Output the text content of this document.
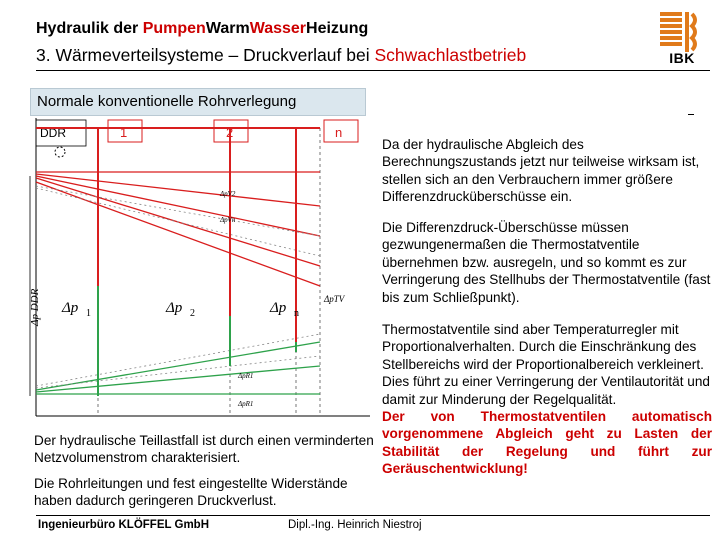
Hydraulik der PumpenWarmWasserHeizung
3. Wärmeverteilsysteme – Druckverlauf bei Schwachlastbetrieb	IBK
Normale konventionelle Rohrverlegung
DDR	1	2	n
Δp DDR Δp 1	Δp 2	Δp n
ΔpTV
ΔpV2
ΔpVn
ΔpR1
ΔpR1
Da der hydraulische Abgleich des Berechnungszustands jetzt nur teilweise wirksam ist, stellen sich an den Verbrauchern immer größere Differenzdrucküberschüsse ein.
Die Differenzdruck-Überschüsse müssen gezwungenermaßen die Thermostatventile übernehmen bzw. ausregeln, und so kommt es zur Verringerung des Stellhubs der Thermostatventile (fast bis zum Schließpunkt).
Thermostatventile sind aber Temperaturregler mit Proportionalverhalten. Durch die Einschränkung des Stellbereichs wird der Proportionalbereich verkleinert. Dies führt zu einer Verringerung der Ventilautorität und damit zur Minderung der Regelqualität.
Der von Thermostatventilen automatisch vorgenommene Abgleich geht zu Lasten der Stabilität der Regelung und führt zur Geräuschentwicklung!
Der hydraulische Teillastfall ist durch einen verminderten Netzvolumenstrom charakterisiert.
Die Rohrleitungen und fest eingestellte Widerstände haben dadurch geringeren Druckverlust.
Ingenieurbüro KLÖFFEL GmbH	Dipl.-Ing. Heinrich Niestroj
